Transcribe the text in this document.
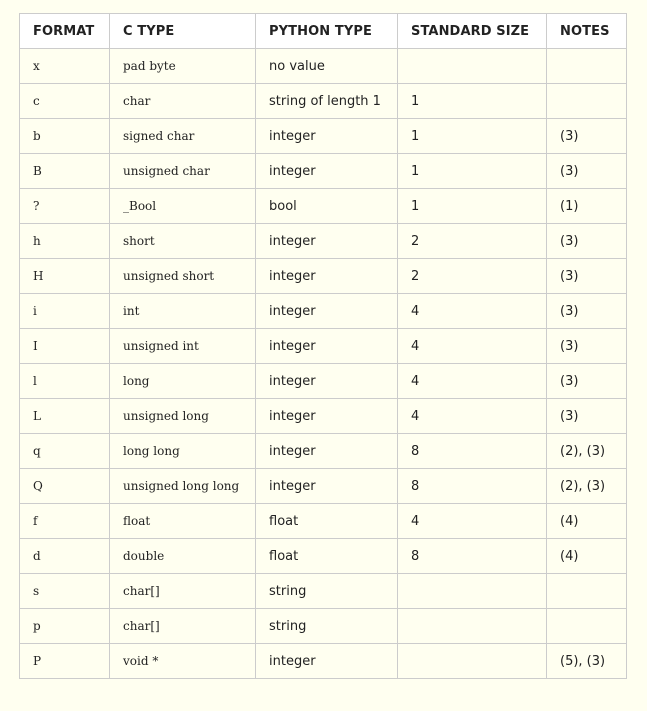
FORMAT	C TYPE	PYTHON TYPE	STANDARD SIZE	NOTES
x	pad byte	no value		
c	char	string of length 1	1	
b	signed char	integer	1	(3)
B	unsigned char	integer	1	(3)
?	_Bool	bool	1	(1)
h	short	integer	2	(3)
H	unsigned short	integer	2	(3)
i	int	integer	4	(3)
I	unsigned int	integer	4	(3)
l	long	integer	4	(3)
L	unsigned long	integer	4	(3)
q	long long	integer	8	(2), (3)
Q	unsigned long long	integer	8	(2), (3)
f	float	float	4	(4)
d	double	float	8	(4)
s	char[]	string		
p	char[]	string		
P	void *	integer		(5), (3)
